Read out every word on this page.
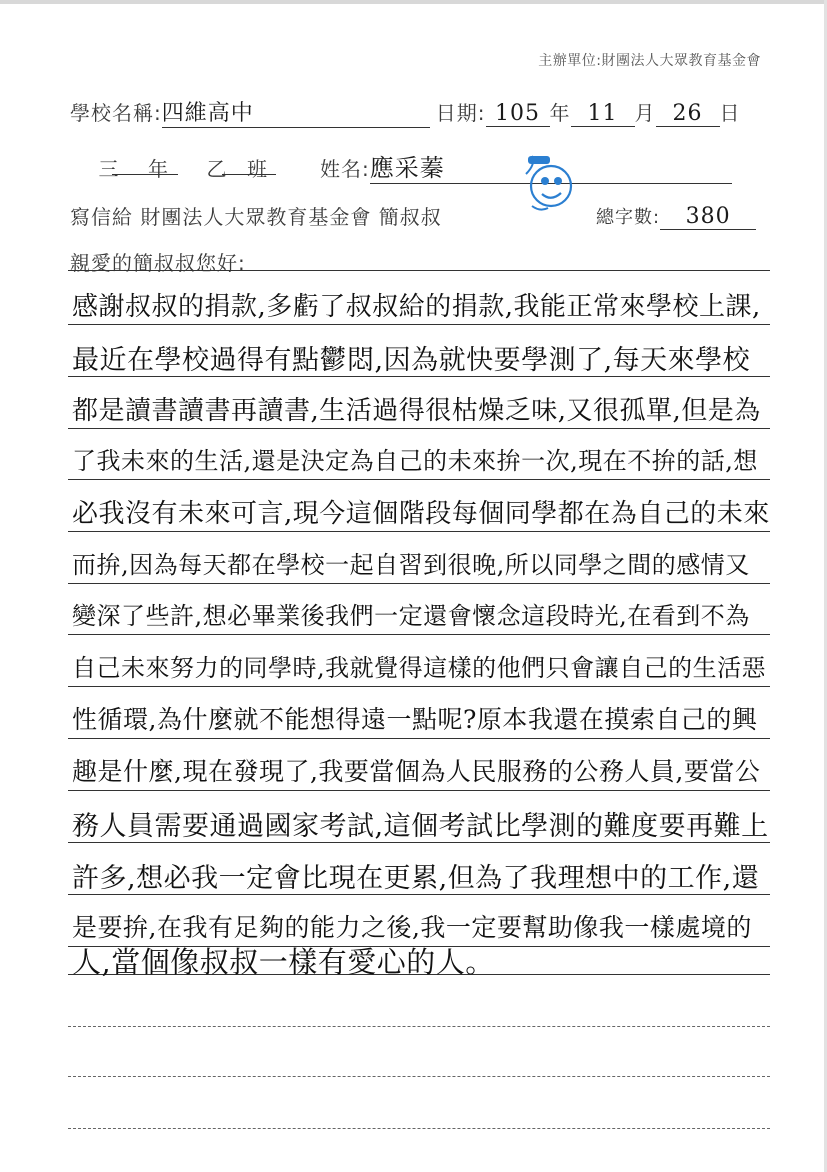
主辦單位:財團法人大眾教育基金會
學校名稱:四維高中	日期: 105 年 11 月 26 日
三 年 乙 班	姓名:應采蓁
寫信給 財團法人大眾教育基金會 簡叔叔	總字數: 380
親愛的簡叔叔您好:
感謝叔叔的捐款,多虧了叔叔給的捐款,我能正常來學校上課,
最近在學校過得有點鬱悶,因為就快要學測了,每天來學校
都是讀書讀書再讀書,生活過得很枯燥乏味,又很孤單,但是為
了我未來的生活,還是決定為自己的未來拚一次,現在不拚的話,想
必我沒有未來可言,現今這個階段每個同學都在為自己的未來
而拚,因為每天都在學校一起自習到很晚,所以同學之間的感情又
變深了些許,想必畢業後我們一定還會懷念這段時光,在看到不為
自己未來努力的同學時,我就覺得這樣的他們只會讓自己的生活惡
性循環,為什麼就不能想得遠一點呢?原本我還在摸索自己的興
趣是什麼,現在發現了,我要當個為人民服務的公務人員,要當公
務人員需要通過國家考試,這個考試比學測的難度要再難上
許多,想必我一定會比現在更累,但為了我理想中的工作,還
是要拚,在我有足夠的能力之後,我一定要幫助像我一樣處境的
人,當個像叔叔一樣有愛心的人。
